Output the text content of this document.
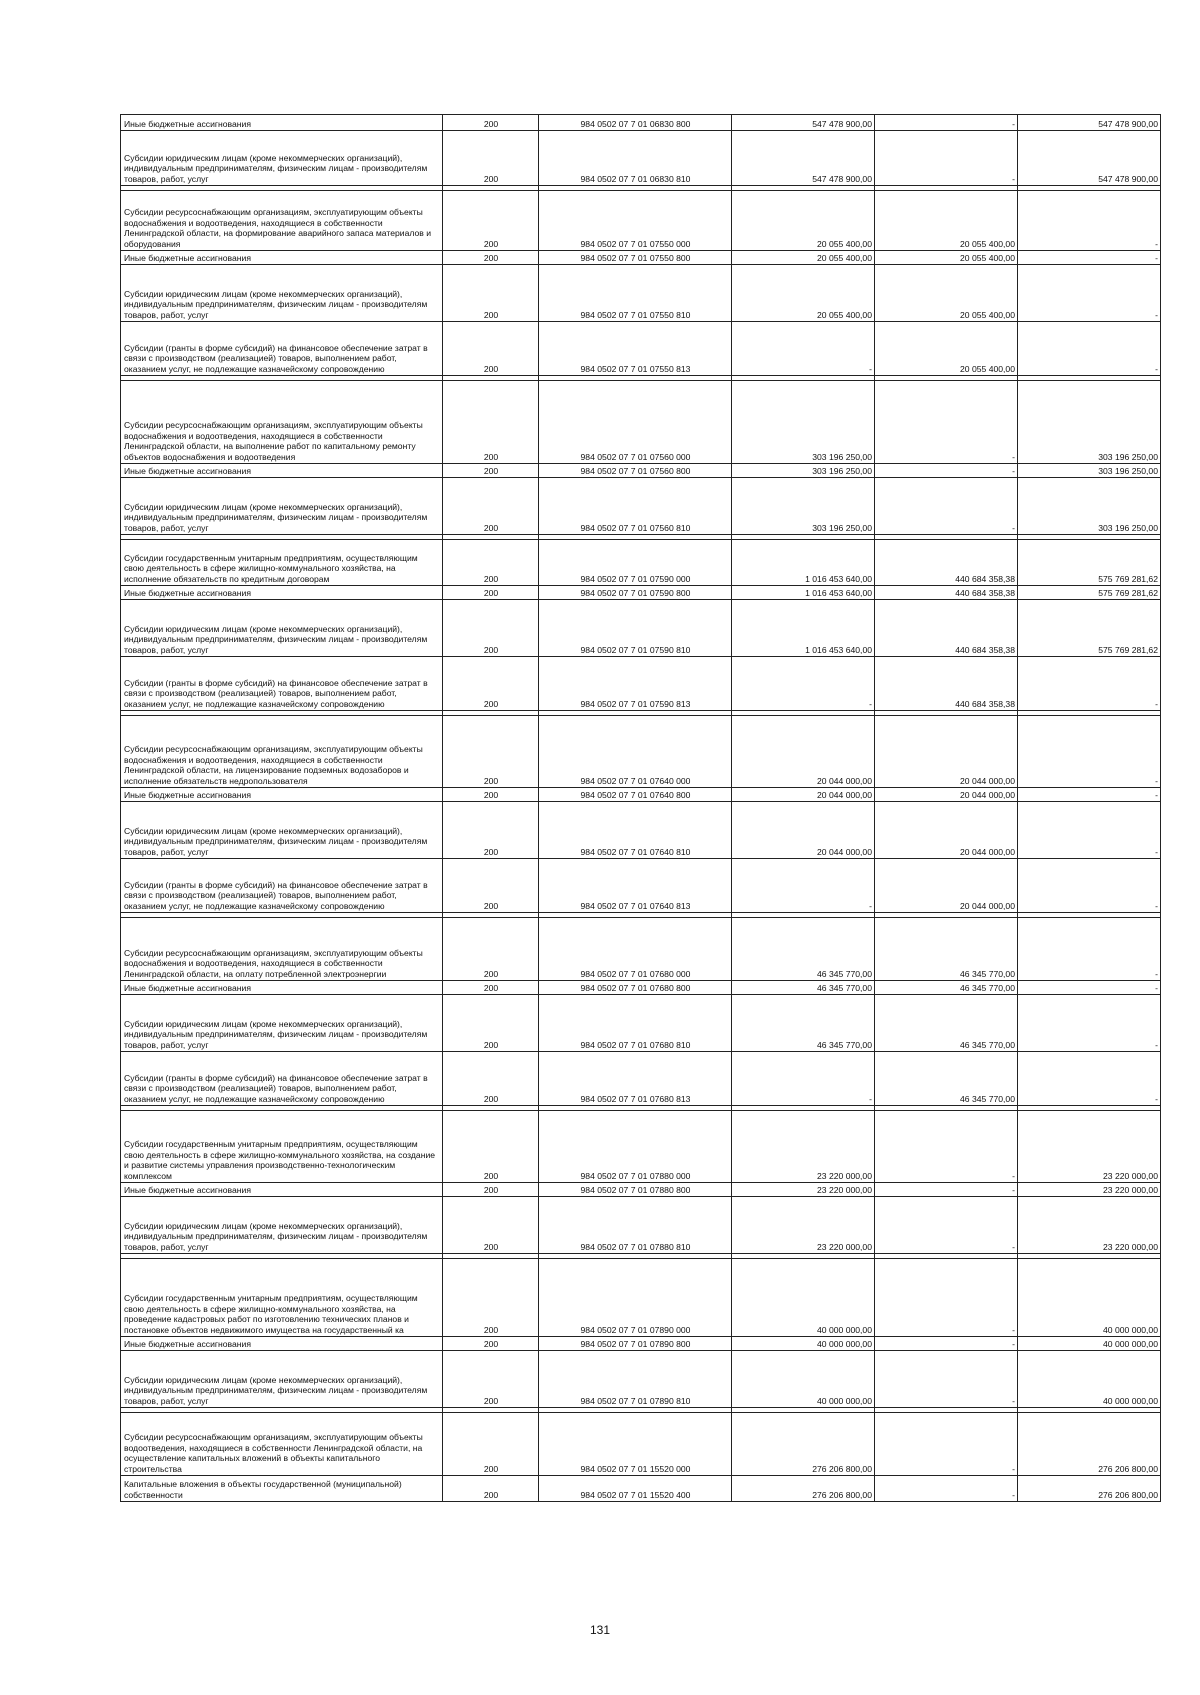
Иные бюджетные ассигнования	200	984 0502 07 7 01 06830 800	547 478 900,00	-	547 478 900,00
Субсидии юридическим лицам (кроме некоммерческих организаций), индивидуальным предпринимателям, физическим лицам - производителям товаров, работ, услуг	200	984 0502 07 7 01 06830 810	547 478 900,00	-	547 478 900,00

Субсидии ресурсоснабжающим организациям, эксплуатирующим объекты водоснабжения и водоотведения, находящиеся в собственности Ленинградской области, на формирование аварийного запаса материалов и оборудования	200	984 0502 07 7 01 07550 000	20 055 400,00	20 055 400,00	-
Иные бюджетные ассигнования	200	984 0502 07 7 01 07550 800	20 055 400,00	20 055 400,00	-
Субсидии юридическим лицам (кроме некоммерческих организаций), индивидуальным предпринимателям, физическим лицам - производителям товаров, работ, услуг	200	984 0502 07 7 01 07550 810	20 055 400,00	20 055 400,00	-
Субсидии (гранты в форме субсидий) на финансовое обеспечение затрат в связи с производством (реализацией) товаров, выполнением работ, оказанием услуг, не подлежащие казначейскому сопровождению	200	984 0502 07 7 01 07550 813	-	20 055 400,00	-

Субсидии ресурсоснабжающим организациям, эксплуатирующим объекты водоснабжения и водоотведения, находящиеся в собственности Ленинградской области, на выполнение работ по капитальному ремонту объектов водоснабжения и водоотведения	200	984 0502 07 7 01 07560 000	303 196 250,00	-	303 196 250,00
Иные бюджетные ассигнования	200	984 0502 07 7 01 07560 800	303 196 250,00	-	303 196 250,00
Субсидии юридическим лицам (кроме некоммерческих организаций), индивидуальным предпринимателям, физическим лицам - производителям товаров, работ, услуг	200	984 0502 07 7 01 07560 810	303 196 250,00	-	303 196 250,00

Субсидии государственным унитарным предприятиям, осуществляющим свою деятельность в сфере жилищно-коммунального хозяйства, на исполнение обязательств по кредитным договорам	200	984 0502 07 7 01 07590 000	1 016 453 640,00	440 684 358,38	575 769 281,62
Иные бюджетные ассигнования	200	984 0502 07 7 01 07590 800	1 016 453 640,00	440 684 358,38	575 769 281,62
Субсидии юридическим лицам (кроме некоммерческих организаций), индивидуальным предпринимателям, физическим лицам - производителям товаров, работ, услуг	200	984 0502 07 7 01 07590 810	1 016 453 640,00	440 684 358,38	575 769 281,62
Субсидии (гранты в форме субсидий) на финансовое обеспечение затрат в связи с производством (реализацией) товаров, выполнением работ, оказанием услуг, не подлежащие казначейскому сопровождению	200	984 0502 07 7 01 07590 813	-	440 684 358,38	-

Субсидии ресурсоснабжающим организациям, эксплуатирующим объекты водоснабжения и водоотведения, находящиеся в собственности Ленинградской области, на лицензирование подземных водозаборов и исполнение обязательств недропользователя	200	984 0502 07 7 01 07640 000	20 044 000,00	20 044 000,00	-
Иные бюджетные ассигнования	200	984 0502 07 7 01 07640 800	20 044 000,00	20 044 000,00	-
Субсидии юридическим лицам (кроме некоммерческих организаций), индивидуальным предпринимателям, физическим лицам - производителям товаров, работ, услуг	200	984 0502 07 7 01 07640 810	20 044 000,00	20 044 000,00	-
Субсидии (гранты в форме субсидий) на финансовое обеспечение затрат в связи с производством (реализацией) товаров, выполнением работ, оказанием услуг, не подлежащие казначейскому сопровождению	200	984 0502 07 7 01 07640 813	-	20 044 000,00	-

Субсидии ресурсоснабжающим организациям, эксплуатирующим объекты водоснабжения и водоотведения, находящиеся в собственности Ленинградской области, на оплату потребленной электроэнергии	200	984 0502 07 7 01 07680 000	46 345 770,00	46 345 770,00	-
Иные бюджетные ассигнования	200	984 0502 07 7 01 07680 800	46 345 770,00	46 345 770,00	-
Субсидии юридическим лицам (кроме некоммерческих организаций), индивидуальным предпринимателям, физическим лицам - производителям товаров, работ, услуг	200	984 0502 07 7 01 07680 810	46 345 770,00	46 345 770,00	-
Субсидии (гранты в форме субсидий) на финансовое обеспечение затрат в связи с производством (реализацией) товаров, выполнением работ, оказанием услуг, не подлежащие казначейскому сопровождению	200	984 0502 07 7 01 07680 813	-	46 345 770,00	-

Субсидии государственным унитарным предприятиям, осуществляющим свою деятельность в сфере жилищно-коммунального хозяйства, на создание и развитие системы управления производственно-технологическим комплексом	200	984 0502 07 7 01 07880 000	23 220 000,00	-	23 220 000,00
Иные бюджетные ассигнования	200	984 0502 07 7 01 07880 800	23 220 000,00	-	23 220 000,00
Субсидии юридическим лицам (кроме некоммерческих организаций), индивидуальным предпринимателям, физическим лицам - производителям товаров, работ, услуг	200	984 0502 07 7 01 07880 810	23 220 000,00	-	23 220 000,00

Субсидии государственным унитарным предприятиям, осуществляющим свою деятельность в сфере жилищно-коммунального хозяйства, на проведение кадастровых работ по изготовлению технических планов и постановке объектов недвижимого имущества на государственный ка	200	984 0502 07 7 01 07890 000	40 000 000,00	-	40 000 000,00
Иные бюджетные ассигнования	200	984 0502 07 7 01 07890 800	40 000 000,00	-	40 000 000,00
Субсидии юридическим лицам (кроме некоммерческих организаций), индивидуальным предпринимателям, физическим лицам - производителям товаров, работ, услуг	200	984 0502 07 7 01 07890 810	40 000 000,00	-	40 000 000,00

Субсидии ресурсоснабжающим организациям, эксплуатирующим объекты водоотведения, находящиеся в собственности Ленинградской области, на осуществление капитальных вложений в объекты капитального строительства	200	984 0502 07 7 01 15520 000	276 206 800,00	-	276 206 800,00
Капитальные вложения в объекты государственной (муниципальной) собственности	200	984 0502 07 7 01 15520 400	276 206 800,00	-	276 206 800,00
131
